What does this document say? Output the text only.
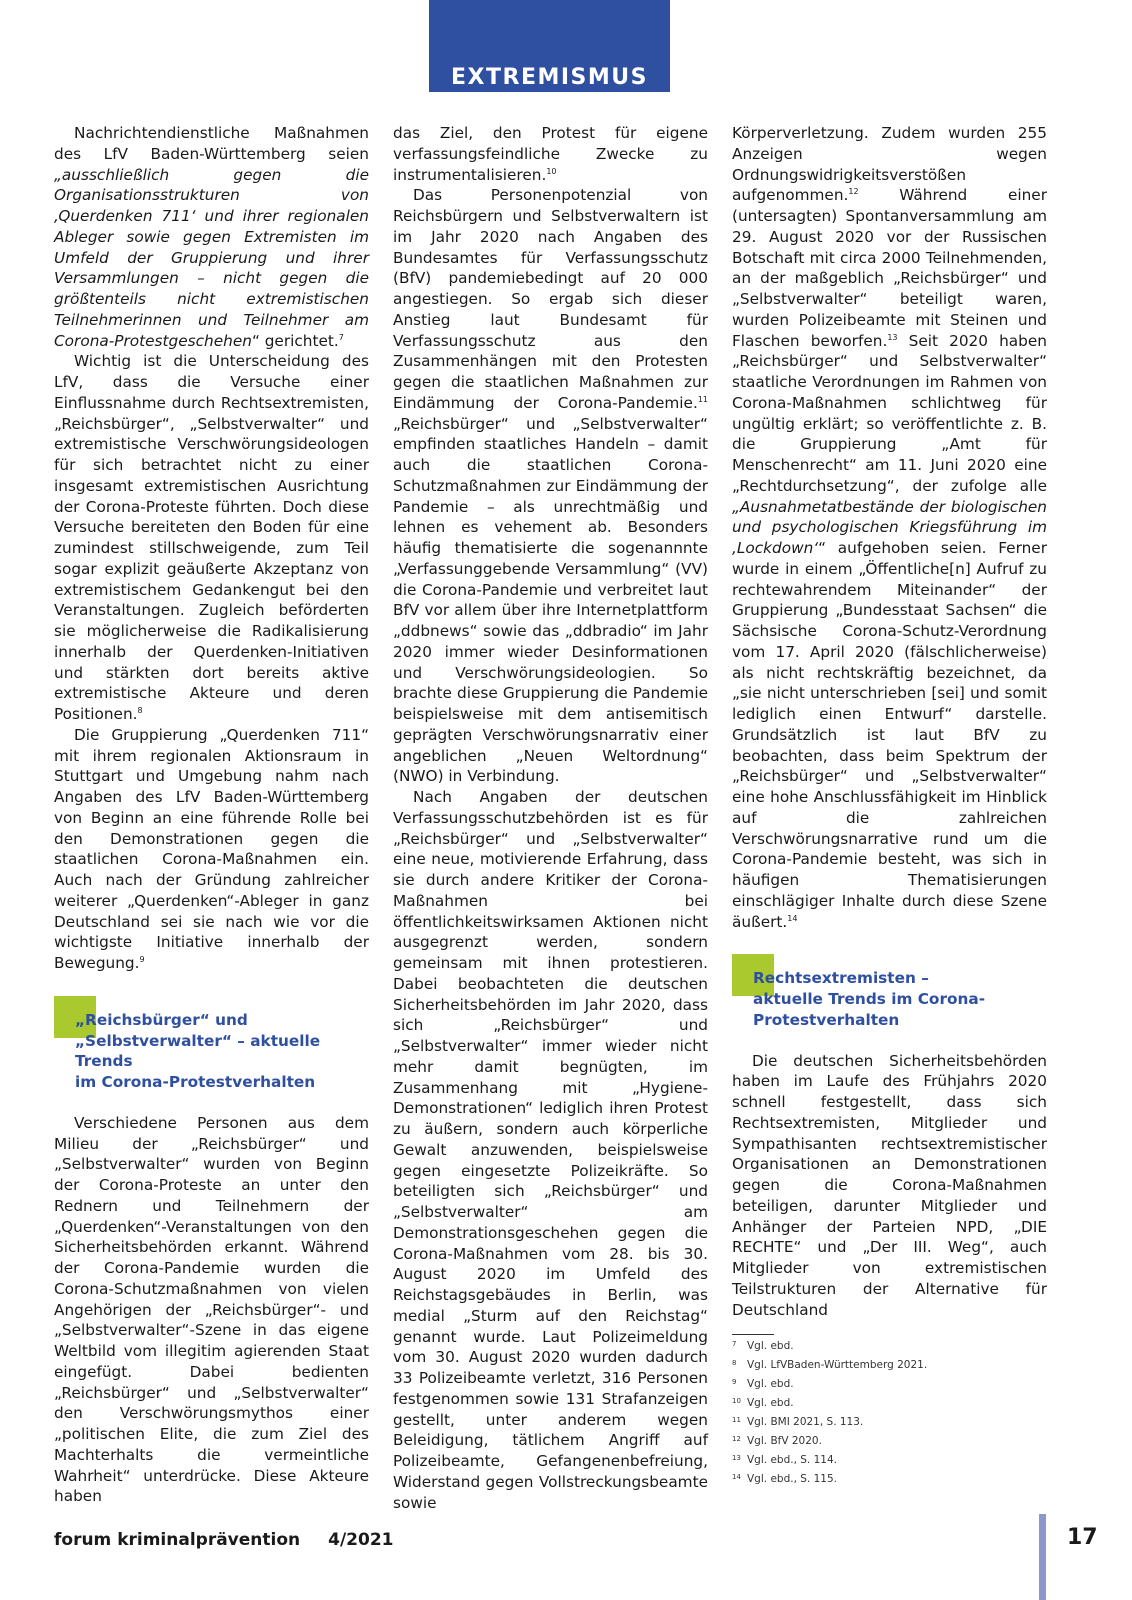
EXTREMISMUS

Nachrichtendienstliche Maßnahmen des LfV Baden-Württemberg seien „ausschließlich gegen die Organisationsstrukturen von ‚Querdenken 711‘ und ihrer regionalen Ableger sowie gegen Extremisten im Umfeld der Gruppierung und ihrer Versammlungen – nicht gegen die größtenteils nicht extremistischen Teilnehmerinnen und Teilnehmer am Corona-Protestgeschehen“ gerichtet.$^7$

Wichtig ist die Unterscheidung des LfV, dass die Versuche einer Einflussnahme durch Rechtsextremisten, „Reichsbürger“, „Selbstverwalter“ und extremistische Verschwörungsideologen für sich betrachtet nicht zu einer insgesamt extremistischen Ausrichtung der Corona-Proteste führten. Doch diese Versuche bereiteten den Boden für eine zumindest stillschweigende, zum Teil sogar explizit geäußerte Akzeptanz von extremistischem Gedankengut bei den Veranstaltungen. Zugleich beförderten sie möglicherweise die Radikalisierung innerhalb der Querdenken-Initiativen und stärkten dort bereits aktive extremistische Akteure und deren Positionen.$^8$

Die Gruppierung „Querdenken 711“ mit ihrem regionalen Aktionsraum in Stuttgart und Umgebung nahm nach Angaben des LfV Baden-Württemberg von Beginn an eine führende Rolle bei den Demonstrationen gegen die staatlichen Corona-Maßnahmen ein. Auch nach der Gründung zahlreicher weiterer „Querdenken“-Ableger in ganz Deutschland sei sie nach wie vor die wichtigste Initiative innerhalb der Bewegung.$^9$

„Reichsbürger“ und „Selbstverwalter“ – aktuelle Trends
im Corona-Protestverhalten

Verschiedene Personen aus dem Milieu der „Reichsbürger“ und „Selbstverwalter“ wurden von Beginn der Corona-Proteste an unter den Rednern und Teilnehmern der „Querdenken“-Veranstaltungen von den Sicherheitsbehörden erkannt. Während der Corona-Pandemie wurden die Corona-Schutzmaßnahmen von vielen Angehörigen der „Reichsbürger“- und „Selbstverwalter“-Szene in das eigene Weltbild vom illegitim agierenden Staat eingefügt. Dabei bedienten „Reichsbürger“ und „Selbstverwalter“ den Verschwörungsmythos einer „politischen Elite, die zum Ziel des Machterhalts die vermeintliche Wahrheit“ unterdrücke. Diese Akteure haben

das Ziel, den Protest für eigene verfassungsfeindliche Zwecke zu instrumentalisieren.$^{10}$

Das Personenpotenzial von Reichsbürgern und Selbstverwaltern ist im Jahr 2020 nach Angaben des Bundesamtes für Verfassungsschutz (BfV) pandemiebedingt auf 20 000 angestiegen. So ergab sich dieser Anstieg laut Bundesamt für Verfassungsschutz aus den Zusammenhängen mit den Protesten gegen die staatlichen Maßnahmen zur Eindämmung der Corona-Pandemie.$^{11}$ „Reichsbürger“ und „Selbstverwalter“ empfinden staatliches Handeln – damit auch die staatlichen Corona-Schutzmaßnahmen zur Eindämmung der Pandemie – als unrechtmäßig und lehnen es vehement ab. Besonders häufig thematisierte die sogenannnte „Verfassunggebende Versammlung“ (VV) die Corona-Pandemie und verbreitet laut BfV vor allem über ihre Internetplattform „ddbnews“ sowie das „ddbradio“ im Jahr 2020 immer wieder Desinformationen und Verschwörungsideologien. So brachte diese Gruppierung die Pandemie beispielsweise mit dem antisemitisch geprägten Verschwörungsnarrativ einer angeblichen „Neuen Weltordnung“ (NWO) in Verbindung.

Nach Angaben der deutschen Verfassungsschutzbehörden ist es für „Reichsbürger“ und „Selbstverwalter“ eine neue, motivierende Erfahrung, dass sie durch andere Kritiker der Corona-Maßnahmen bei öffentlichkeitswirksamen Aktionen nicht ausgegrenzt werden, sondern gemeinsam mit ihnen protestieren. Dabei beobachteten die deutschen Sicherheitsbehörden im Jahr 2020, dass sich „Reichsbürger“ und „Selbstverwalter“ immer wieder nicht mehr damit begnügten, im Zusammenhang mit „Hygiene-Demonstrationen“ lediglich ihren Protest zu äußern, sondern auch körperliche Gewalt anzuwenden, beispielsweise gegen eingesetzte Polizeikräfte. So beteiligten sich „Reichsbürger“ und „Selbstverwalter“ am Demonstrationsgeschehen gegen die Corona-Maßnahmen vom 28. bis 30. August 2020 im Umfeld des Reichstagsgebäudes in Berlin, was medial „Sturm auf den Reichstag“ genannt wurde. Laut Polizeimeldung vom 30. August 2020 wurden dadurch 33 Polizeibeamte verletzt, 316 Personen festgenommen sowie 131 Strafanzeigen gestellt, unter anderem wegen Beleidigung, tätlichem Angriff auf Polizeibeamte, Gefangenenbefreiung, Widerstand gegen Vollstreckungsbeamte sowie

Körperverletzung. Zudem wurden 255 Anzeigen wegen Ordnungswidrigkeitsverstößen aufgenommen.$^{12}$ Während einer (untersagten) Spontanversammlung am 29. August 2020 vor der Russischen Botschaft mit circa 2000 Teilnehmenden, an der maßgeblich „Reichsbürger“ und „Selbstverwalter“ beteiligt waren, wurden Polizeibeamte mit Steinen und Flaschen beworfen.$^{13}$ Seit 2020 haben „Reichsbürger“ und Selbstverwalter“ staatliche Verordnungen im Rahmen von Corona-Maßnahmen schlichtweg für ungültig erklärt; so veröffentlichte z. B. die Gruppierung „Amt für Menschenrecht“ am 11. Juni 2020 eine „Rechtdurchsetzung“, der zufolge alle „Ausnahmetatbestände der biologischen und psychologischen Kriegsführung im ‚Lockdown‘“ aufgehoben seien. Ferner wurde in einem „Öffentliche[n] Aufruf zu rechtewahrendem Miteinander“ der Gruppierung „Bundesstaat Sachsen“ die Sächsische Corona-Schutz-Verordnung vom 17. April 2020 (fälschlicherweise) als nicht rechtskräftig bezeichnet, da „sie nicht unterschrieben [sei] und somit lediglich einen Entwurf“ darstelle. Grundsätzlich ist laut BfV zu beobachten, dass beim Spektrum der „Reichsbürger“ und „Selbstverwalter“ eine hohe Anschlussfähigkeit im Hinblick auf die zahlreichen Verschwörungsnarrative rund um die Corona-Pandemie besteht, was sich in häufigen Thematisierungen einschlägiger Inhalte durch diese Szene äußert.$^{14}$

Rechtsextremisten –
aktuelle Trends im Corona-
Protestverhalten

Die deutschen Sicherheitsbehörden haben im Laufe des Frühjahrs 2020 schnell festgestellt, dass sich Rechtsextremisten, Mitglieder und Sympathisanten rechtsextremistischer Organisationen an Demonstrationen gegen die Corona-Maßnahmen beteiligen, darunter Mitglieder und Anhänger der Parteien NPD, „DIE RECHTE“ und „Der III. Weg“, auch Mitglieder von extremistischen Teilstrukturen der Alternative für Deutschland

$^7$ Vgl. ebd.
$^8$ Vgl. LfVBaden-Württemberg 2021.
$^9$ Vgl. ebd.
$^{10}$ Vgl. ebd.
$^{11}$ Vgl. BMI 2021, S. 113.
$^{12}$ Vgl. BfV 2020.
$^{13}$ Vgl. ebd., S. 114.
$^{14}$ Vgl. ebd., S. 115.
forum kriminalprävention 4/2021	17
